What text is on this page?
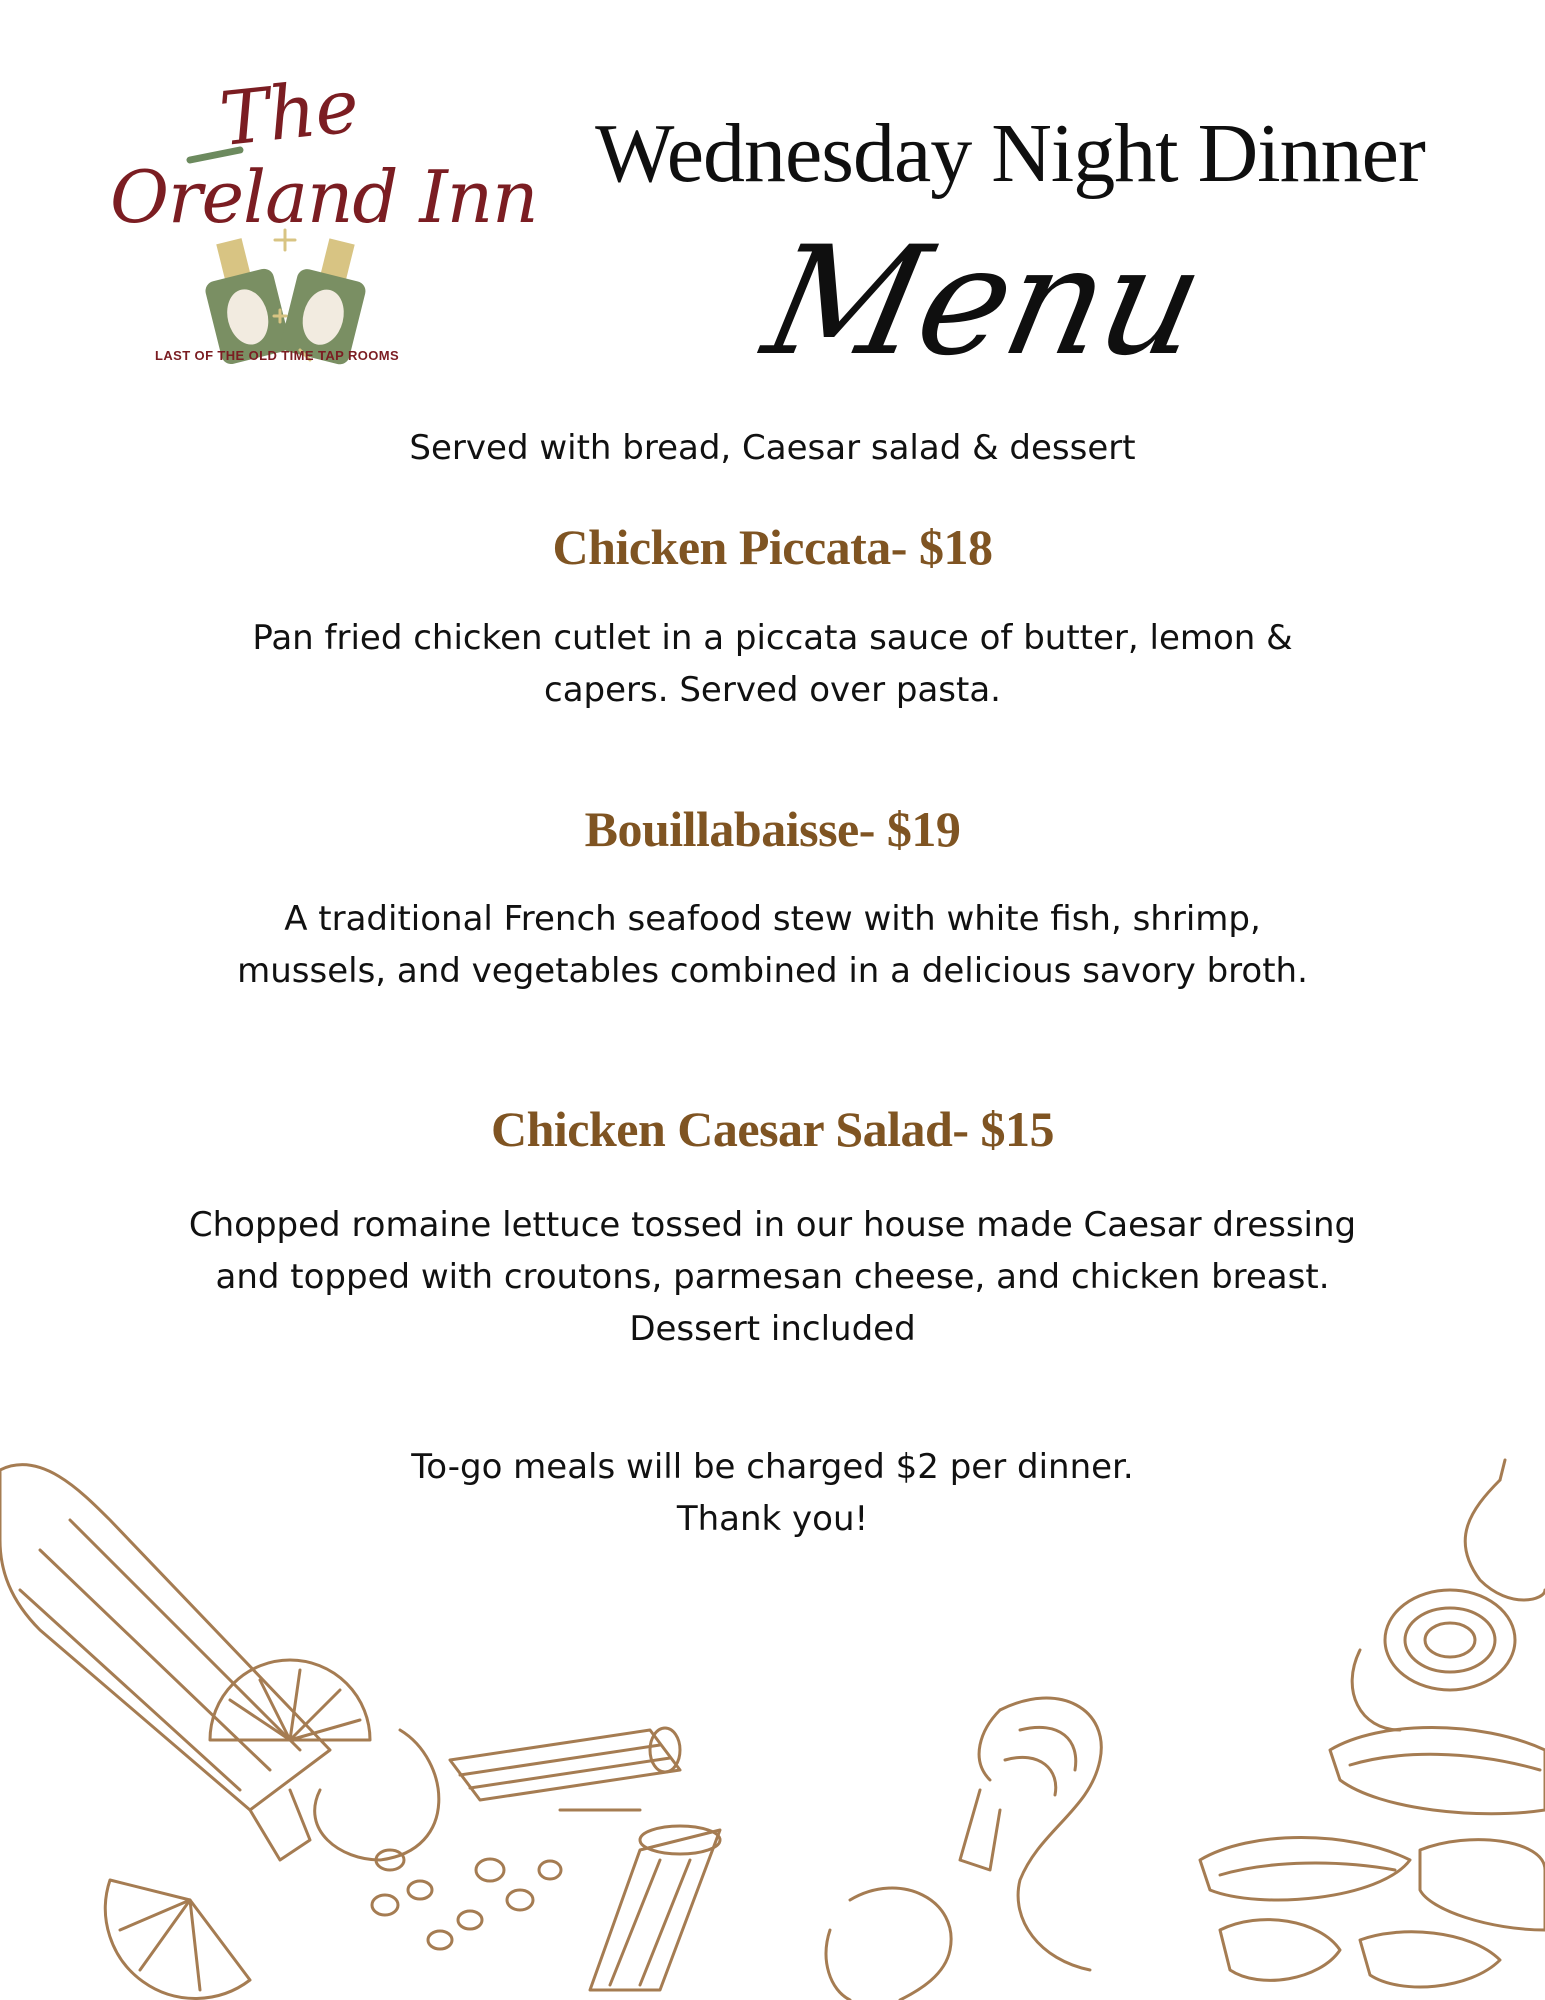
The
Oreland Inn
LAST OF THE OLD TIME TAP ROOMS
Wednesday Night Dinner
Menu
Served with bread, Caesar salad & dessert
Chicken Piccata- $18
Pan fried chicken cutlet in a piccata sauce of butter, lemon &
capers. Served over pasta.
Bouillabaisse- $19
A traditional French seafood stew with white fish, shrimp,
mussels, and vegetables combined in a delicious savory broth.
Chicken Caesar Salad- $15
Chopped romaine lettuce tossed in our house made Caesar dressing
and topped with croutons, parmesan cheese, and chicken breast.
Dessert included
To-go meals will be charged $2 per dinner.
Thank you!
